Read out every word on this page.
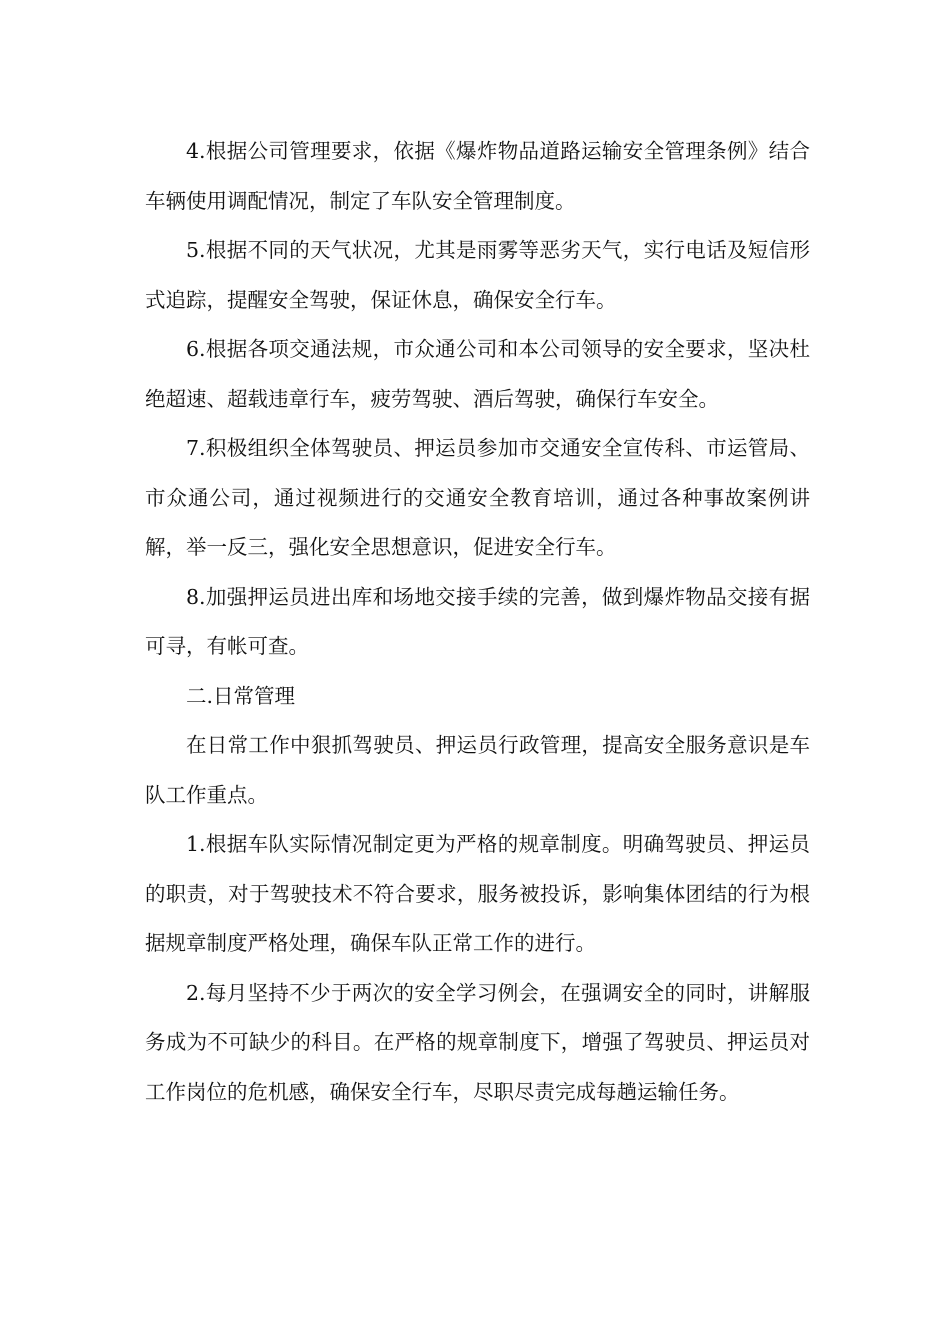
4.根据公司管理要求，依据《爆炸物品道路运输安全管理条例》结合车辆使用调配情况，制定了车队安全管理制度。

5.根据不同的天气状况，尤其是雨雾等恶劣天气，实行电话及短信形式追踪，提醒安全驾驶，保证休息，确保安全行车。

6.根据各项交通法规，市众通公司和本公司领导的安全要求，坚决杜绝超速、超载违章行车，疲劳驾驶、酒后驾驶，确保行车安全。

7.积极组织全体驾驶员、押运员参加市交通安全宣传科、市运管局、市众通公司，通过视频进行的交通安全教育培训，通过各种事故案例讲解，举一反三，强化安全思想意识，促进安全行车。

8.加强押运员进出库和场地交接手续的完善，做到爆炸物品交接有据可寻，有帐可查。

二.日常管理

在日常工作中狠抓驾驶员、押运员行政管理，提高安全服务意识是车队工作重点。

1.根据车队实际情况制定更为严格的规章制度。明确驾驶员、押运员的职责，对于驾驶技术不符合要求，服务被投诉，影响集体团结的行为根据规章制度严格处理，确保车队正常工作的进行。

2.每月坚持不少于两次的安全学习例会，在强调安全的同时，讲解服务成为不可缺少的科目。在严格的规章制度下，增强了驾驶员、押运员对工作岗位的危机感，确保安全行车，尽职尽责完成每趟运输任务。
